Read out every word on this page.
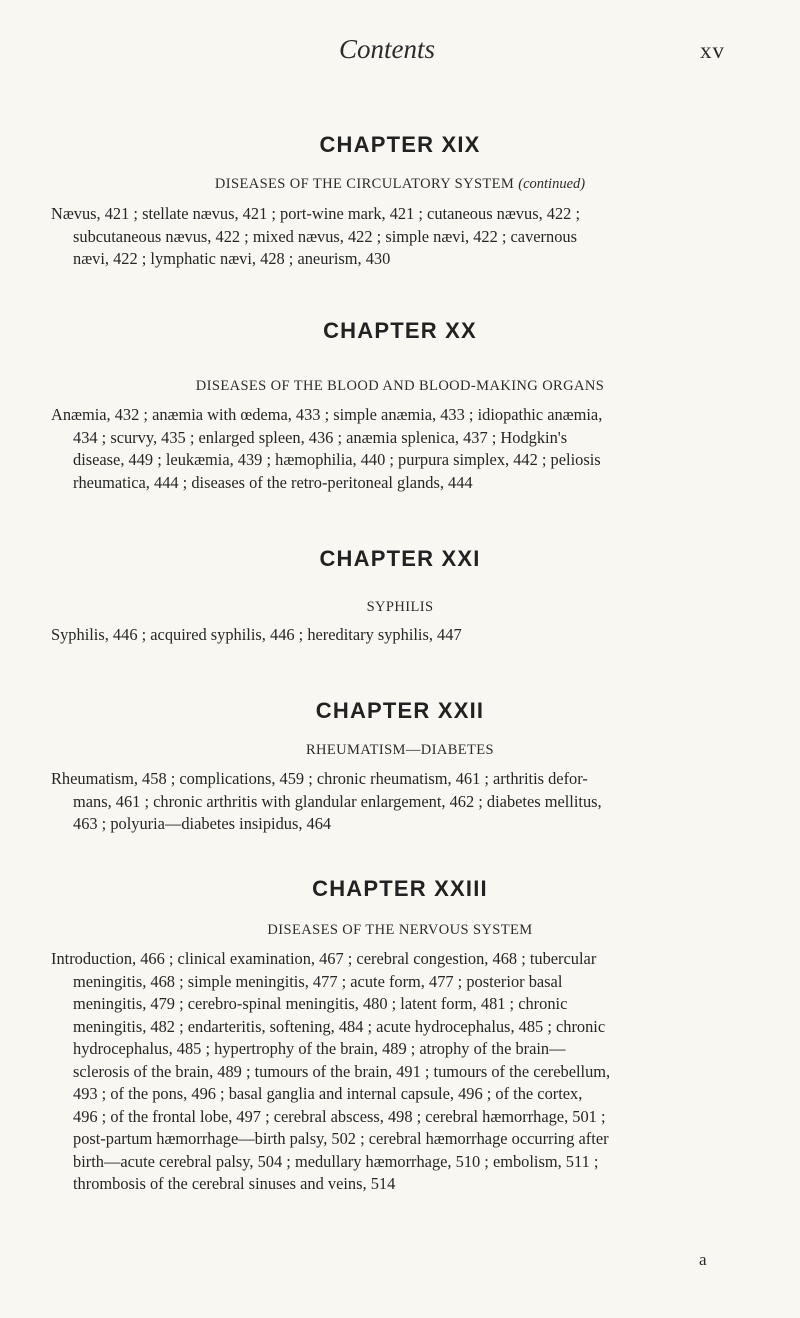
Contents	xv
CHAPTER XIX

DISEASES OF THE CIRCULATORY SYSTEM (continued)

Nævus, 421 ; stellate nævus, 421 ; port-wine mark, 421 ; cutaneous nævus, 422 ;
subcutaneous nævus, 422 ; mixed nævus, 422 ; simple nævi, 422 ; cavernous
nævi, 422 ; lymphatic nævi, 428 ; aneurism, 430

CHAPTER XX

DISEASES OF THE BLOOD AND BLOOD-MAKING ORGANS

Anæmia, 432 ; anæmia with œdema, 433 ; simple anæmia, 433 ; idiopathic anæmia,
434 ; scurvy, 435 ; enlarged spleen, 436 ; anæmia splenica, 437 ; Hodgkin's
disease, 449 ; leukæmia, 439 ; hæmophilia, 440 ; purpura simplex, 442 ; peliosis
rheumatica, 444 ; diseases of the retro-peritoneal glands, 444

CHAPTER XXI

SYPHILIS

Syphilis, 446 ; acquired syphilis, 446 ; hereditary syphilis, 447

CHAPTER XXII

RHEUMATISM—DIABETES

Rheumatism, 458 ; complications, 459 ; chronic rheumatism, 461 ; arthritis defor-
mans, 461 ; chronic arthritis with glandular enlargement, 462 ; diabetes mellitus,
463 ; polyuria—diabetes insipidus, 464

CHAPTER XXIII

DISEASES OF THE NERVOUS SYSTEM

Introduction, 466 ; clinical examination, 467 ; cerebral congestion, 468 ; tubercular
meningitis, 468 ; simple meningitis, 477 ; acute form, 477 ; posterior basal
meningitis, 479 ; cerebro-spinal meningitis, 480 ; latent form, 481 ; chronic
meningitis, 482 ; endarteritis, softening, 484 ; acute hydrocephalus, 485 ; chronic
hydrocephalus, 485 ; hypertrophy of the brain, 489 ; atrophy of the brain—
sclerosis of the brain, 489 ; tumours of the brain, 491 ; tumours of the cerebellum,
493 ; of the pons, 496 ; basal ganglia and internal capsule, 496 ; of the cortex,
496 ; of the frontal lobe, 497 ; cerebral abscess, 498 ; cerebral hæmorrhage, 501 ;
post-partum hæmorrhage—birth palsy, 502 ; cerebral hæmorrhage occurring after
birth—acute cerebral palsy, 504 ; medullary hæmorrhage, 510 ; embolism, 511 ;
thrombosis of the cerebral sinuses and veins, 514

a
